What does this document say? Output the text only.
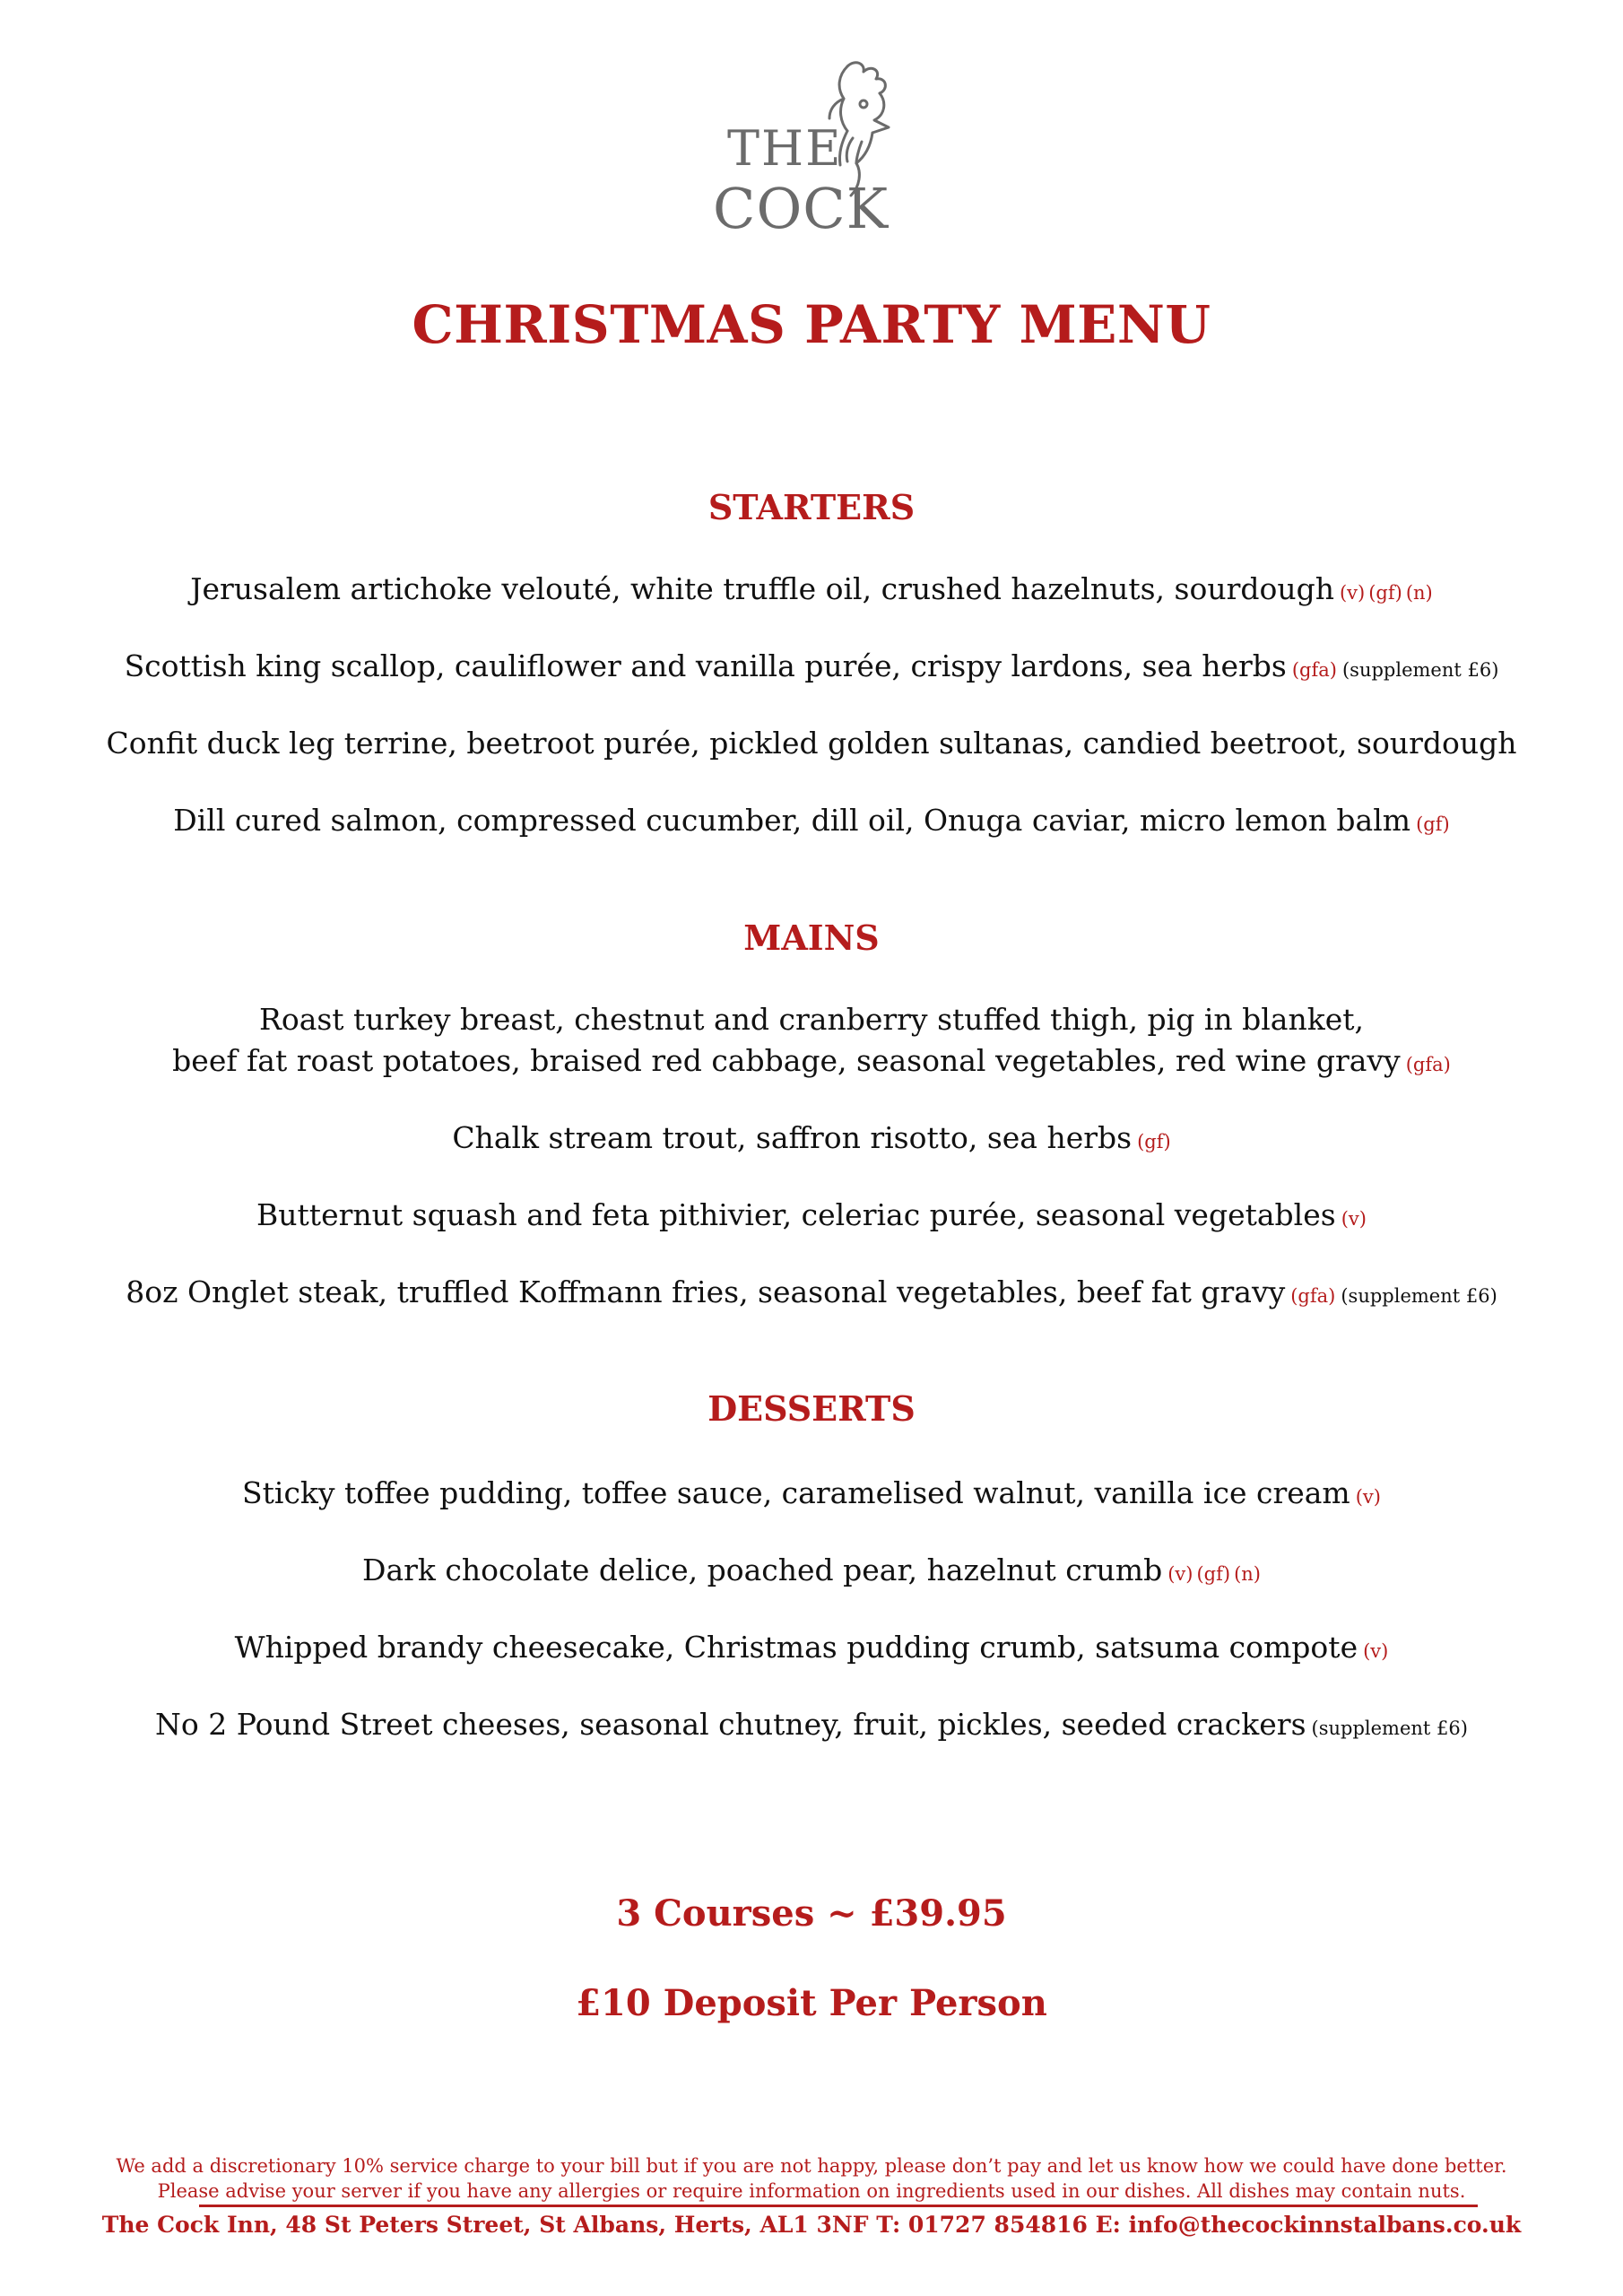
THE
COCK
CHRISTMAS PARTY MENU
STARTERS
Jerusalem artichoke velouté, white truffle oil, crushed hazelnuts, sourdough (v) (gf) (n)
Scottish king scallop, cauliflower and vanilla purée, crispy lardons, sea herbs (gfa) (supplement £6)
Confit duck leg terrine, beetroot purée, pickled golden sultanas, candied beetroot, sourdough
Dill cured salmon, compressed cucumber, dill oil, Onuga caviar, micro lemon balm (gf)
MAINS
Roast turkey breast, chestnut and cranberry stuffed thigh, pig in blanket,
beef fat roast potatoes, braised red cabbage, seasonal vegetables, red wine gravy (gfa)
Chalk stream trout, saffron risotto, sea herbs (gf)
Butternut squash and feta pithivier, celeriac purée, seasonal vegetables (v)
8oz Onglet steak, truffled Koffmann fries, seasonal vegetables, beef fat gravy (gfa) (supplement £6)
DESSERTS
Sticky toffee pudding, toffee sauce, caramelised walnut, vanilla ice cream (v)
Dark chocolate delice, poached pear, hazelnut crumb (v) (gf) (n)
Whipped brandy cheesecake, Christmas pudding crumb, satsuma compote (v)
No 2 Pound Street cheeses, seasonal chutney, fruit, pickles, seeded crackers (supplement £6)
3 Courses ~ £39.95
£10 Deposit Per Person
We add a discretionary 10% service charge to your bill but if you are not happy, please don’t pay and let us know how we could have done better.
Please advise your server if you have any allergies or require information on ingredients used in our dishes. All dishes may contain nuts.
The Cock Inn, 48 St Peters Street, St Albans, Herts, AL1 3NF T: 01727 854816 E: info@thecockinnstalbans.co.uk
